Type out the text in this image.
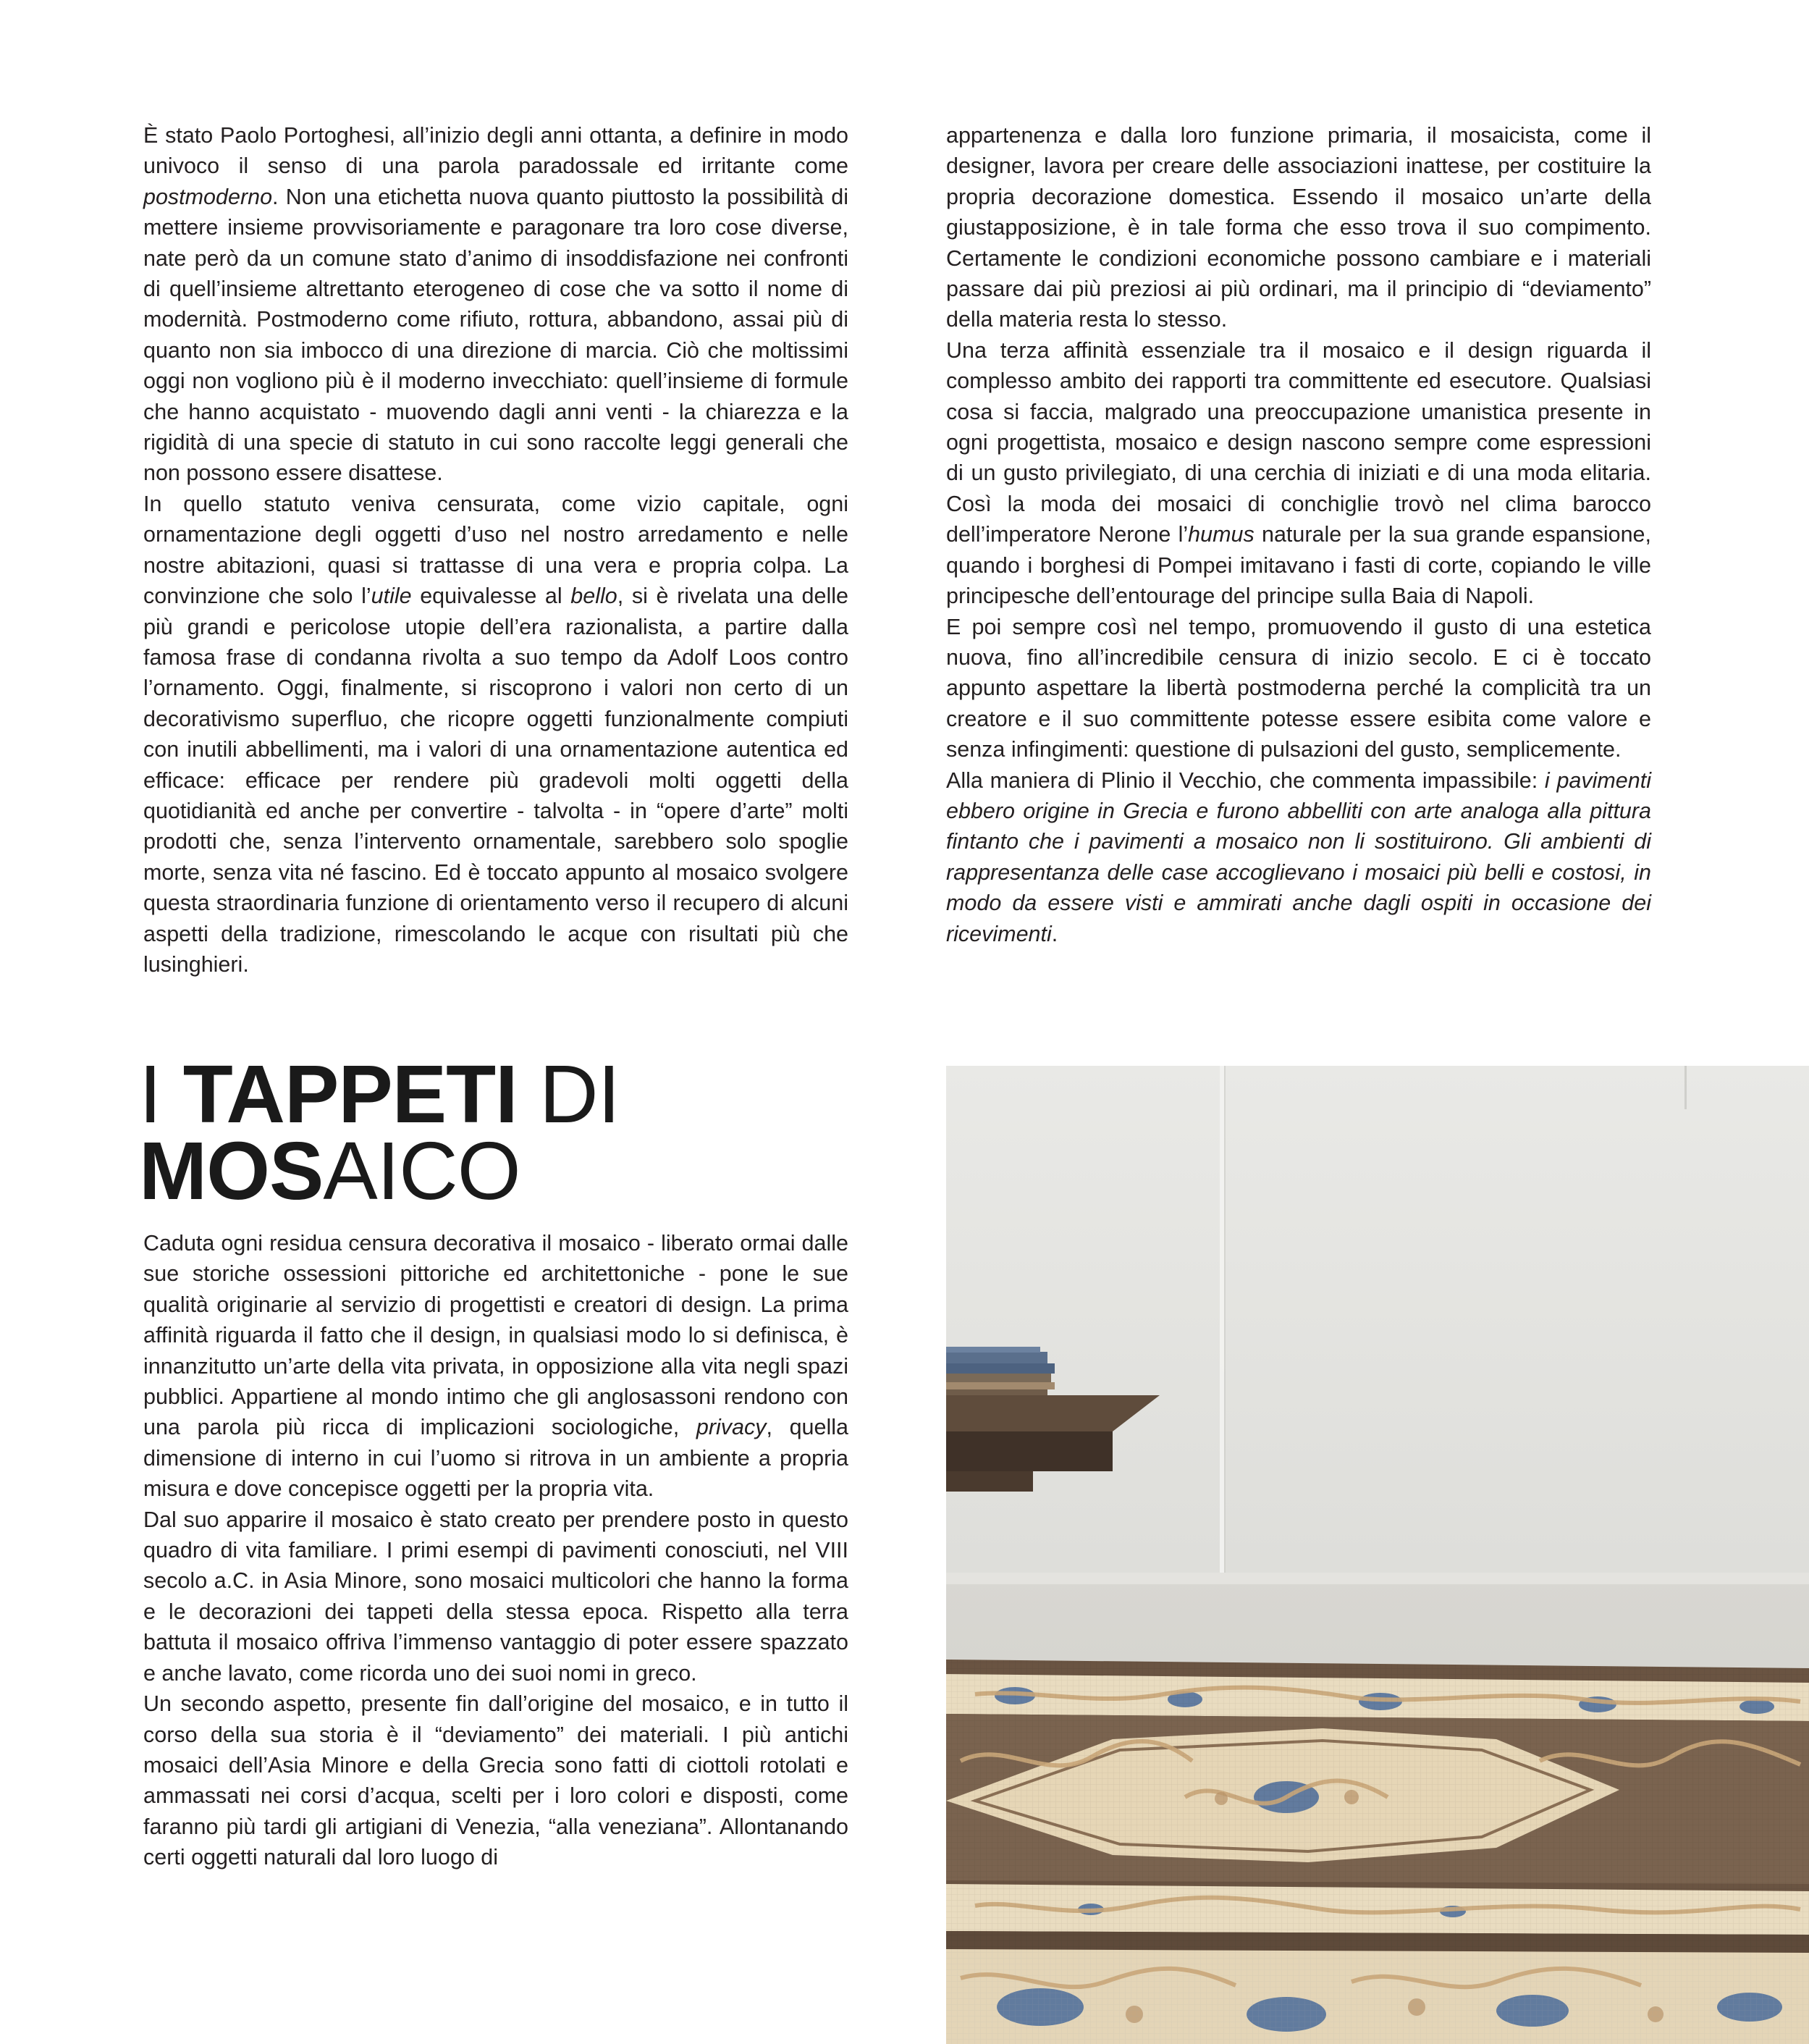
È stato Paolo Portoghesi, all’inizio degli anni ottanta, a definire in modo univoco il senso di una parola paradossale ed irritante come postmoderno. Non una etichetta nuova quanto piuttosto la possibilità di mettere insieme provvisoriamente e paragonare tra loro cose diverse, nate però da un comune stato d’animo di insoddisfazione nei confronti di quell’insieme altrettanto eterogeneo di cose che va sotto il nome di modernità. Postmoderno come rifiuto, rottura, abbandono, assai più di quanto non sia imbocco di una direzione di marcia. Ciò che moltissimi oggi non vogliono più è il moderno invecchiato: quell’insieme di formule che hanno acquistato - muovendo dagli anni venti - la chiarezza e la rigidità di una specie di statuto in cui sono raccolte leggi generali che non possono essere disattese.

In quello statuto veniva censurata, come vizio capitale, ogni ornamentazione degli oggetti d’uso nel nostro arredamento e nelle nostre abitazioni, quasi si trattasse di una vera e propria colpa. La convinzione che solo l’utile equivalesse al bello, si è rivelata una delle più grandi e pericolose utopie dell’era razionalista, a partire dalla famosa frase di condanna rivolta a suo tempo da Adolf Loos contro l’ornamento. Oggi, finalmente, si riscoprono i valori non certo di un decorativismo superfluo, che ricopre oggetti funzionalmente compiuti con inutili abbellimenti, ma i valori di una ornamentazione autentica ed efficace: efficace per rendere più gradevoli molti oggetti della quotidianità ed anche per convertire - talvolta - in “opere d’arte” molti prodotti che, senza l’intervento ornamentale, sarebbero solo spoglie morte, senza vita né fascino. Ed è toccato appunto al mosaico svolgere questa straordinaria funzione di orientamento verso il recupero di alcuni aspetti della tradizione, rimescolando le acque con risultati più che lusinghieri.

I TAPPETI DI
MOSAICO

Caduta ogni residua censura decorativa il mosaico - liberato ormai dalle sue storiche ossessioni pittoriche ed architettoniche - pone le sue qualità originarie al servizio di progettisti e creatori di design. La prima affinità riguarda il fatto che il design, in qualsiasi modo lo si definisca, è innanzitutto un’arte della vita privata, in opposizione alla vita negli spazi pubblici. Appartiene al mondo intimo che gli anglosassoni rendono con una parola più ricca di implicazioni sociologiche, privacy, quella dimensione di interno in cui l’uomo si ritrova in un ambiente a propria misura e dove concepisce oggetti per la propria vita.

Dal suo apparire il mosaico è stato creato per prendere posto in questo quadro di vita familiare. I primi esempi di pavimenti conosciuti, nel VIII secolo a.C. in Asia Minore, sono mosaici multicolori che hanno la forma e le decorazioni dei tappeti della stessa epoca. Rispetto alla terra battuta il mosaico offriva l’immenso vantaggio di poter essere spazzato e anche lavato, come ricorda uno dei suoi nomi in greco.

Un secondo aspetto, presente fin dall’origine del mosaico, e in tutto il corso della sua storia è il “deviamento” dei materiali. I più antichi mosaici dell’Asia Minore e della Grecia sono fatti di ciottoli rotolati e ammassati nei corsi d’acqua, scelti per i loro colori e disposti, come faranno più tardi gli artigiani di Venezia, “alla veneziana”. Allontanando certi oggetti naturali dal loro luogo di

appartenenza e dalla loro funzione primaria, il mosaicista, come il designer, lavora per creare delle associazioni inattese, per costituire la propria decorazione domestica. Essendo il mosaico un’arte della giustapposizione, è in tale forma che esso trova il suo compimento. Certamente le condizioni economiche possono cambiare e i materiali passare dai più preziosi ai più ordinari, ma il principio di “deviamento” della materia resta lo stesso.

Una terza affinità essenziale tra il mosaico e il design riguarda il complesso ambito dei rapporti tra committente ed esecutore. Qualsiasi cosa si faccia, malgrado una preoccupazione umanistica presente in ogni progettista, mosaico e design nascono sempre come espressioni di un gusto privilegiato, di una cerchia di iniziati e di una moda elitaria. Così la moda dei mosaici di conchiglie trovò nel clima barocco dell’imperatore Nerone l’humus naturale per la sua grande espansione, quando i borghesi di Pompei imitavano i fasti di corte, copiando le ville principesche dell’entourage del principe sulla Baia di Napoli.

E poi sempre così nel tempo, promuovendo il gusto di una estetica nuova, fino all’incredibile censura di inizio secolo. E ci è toccato appunto aspettare la libertà postmoderna perché la complicità tra un creatore e il suo committente potesse essere esibita come valore e senza infingimenti: questione di pulsazioni del gusto, semplicemente.

Alla maniera di Plinio il Vecchio, che commenta impassibile: i pavimenti ebbero origine in Grecia e furono abbelliti con arte analoga alla pittura fintanto che i pavimenti a mosaico non li sostituirono. Gli ambienti di rappresentanza delle case accoglievano i mosaici più belli e costosi, in modo da essere visti e ammirati anche dagli ospiti in occasione dei ricevimenti.
